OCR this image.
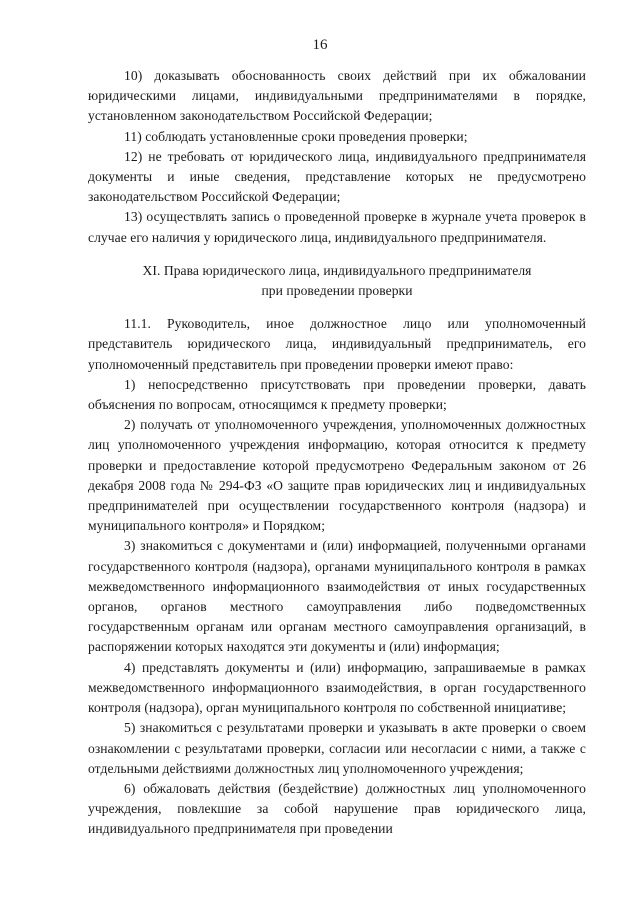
16

10) доказывать обоснованность своих действий при их обжаловании юридическими лицами, индивидуальными предпринимателями в порядке, установленном законодательством Российской Федерации;

11) соблюдать установленные сроки проведения проверки;

12) не требовать от юридического лица, индивидуального предпринимателя документы и иные сведения, представление которых не предусмотрено законодательством Российской Федерации;

13) осуществлять запись о проведенной проверке в журнале учета проверок в случае его наличия у юридического лица, индивидуального предпринимателя.

XI. Права юридического лица, индивидуального предпринимателя
при проведении проверки

11.1. Руководитель, иное должностное лицо или уполномоченный представитель юридического лица, индивидуальный предприниматель, его уполномоченный представитель при проведении проверки имеют право:

1) непосредственно присутствовать при проведении проверки, давать объяснения по вопросам, относящимся к предмету проверки;

2) получать от уполномоченного учреждения, уполномоченных должностных лиц уполномоченного учреждения информацию, которая относится к предмету проверки и предоставление которой предусмотрено Федеральным законом от 26 декабря 2008 года № 294-ФЗ «О защите прав юридических лиц и индивидуальных предпринимателей при осуществлении государственного контроля (надзора) и муниципального контроля» и Порядком;

3) знакомиться с документами и (или) информацией, полученными органами государственного контроля (надзора), органами муниципального контроля в рамках межведомственного информационного взаимодействия от иных государственных органов, органов местного самоуправления либо подведомственных государственным органам или органам местного самоуправления организаций, в распоряжении которых находятся эти документы и (или) информация;

4) представлять документы и (или) информацию, запрашиваемые в рамках межведомственного информационного взаимодействия, в орган государственного контроля (надзора), орган муниципального контроля по собственной инициативе;

5) знакомиться с результатами проверки и указывать в акте проверки о своем ознакомлении с результатами проверки, согласии или несогласии с ними, а также с отдельными действиями должностных лиц уполномоченного учреждения;

6) обжаловать действия (бездействие) должностных лиц уполномоченного учреждения, повлекшие за собой нарушение прав юридического лица, индивидуального предпринимателя при проведении
